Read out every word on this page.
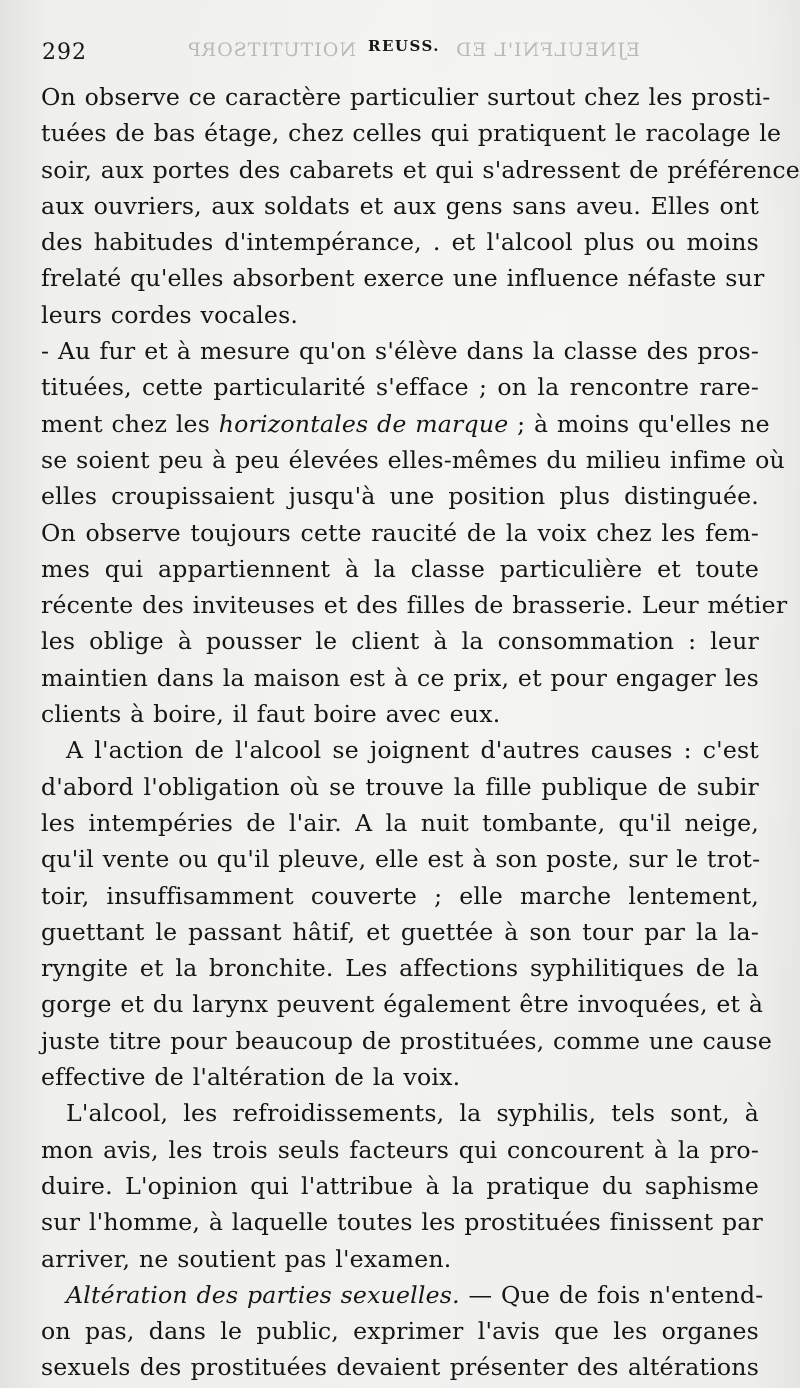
292	NOITUTITSORP REUSS. EJNEULFNI'L ED
On observe ce caractère particulier surtout chez les prosti-
tuées de bas étage, chez celles qui pratiquent le racolage le
soir, aux portes des cabarets et qui s'adressent de préférence
aux ouvriers, aux soldats et aux gens sans aveu. Elles ont
des habitudes d'intempérance, . et l'alcool plus ou moins
frelaté qu'elles absorbent exerce une influence néfaste sur
leurs cordes vocales.
- Au fur et à mesure qu'on s'élève dans la classe des pros-
tituées, cette particularité s'efface ; on la rencontre rare-
ment chez les horizontales de marque ; à moins qu'elles ne
se soient peu à peu élevées elles-mêmes du milieu infime où
elles croupissaient jusqu'à une position plus distinguée.
On observe toujours cette raucité de la voix chez les fem-
mes qui appartiennent à la classe particulière et toute
récente des inviteuses et des filles de brasserie. Leur métier
les oblige à pousser le client à la consommation : leur
maintien dans la maison est à ce prix, et pour engager les
clients à boire, il faut boire avec eux.
A l'action de l'alcool se joignent d'autres causes : c'est
d'abord l'obligation où se trouve la fille publique de subir
les intempéries de l'air. A la nuit tombante, qu'il neige,
qu'il vente ou qu'il pleuve, elle est à son poste, sur le trot-
toir, insuffisamment couverte ; elle marche lentement,
guettant le passant hâtif, et guettée à son tour par la la-
ryngite et la bronchite. Les affections syphilitiques de la
gorge et du larynx peuvent également être invoquées, et à
juste titre pour beaucoup de prostituées, comme une cause
effective de l'altération de la voix.
L'alcool, les refroidissements, la syphilis, tels sont, à
mon avis, les trois seuls facteurs qui concourent à la pro-
duire. L'opinion qui l'attribue à la pratique du saphisme
sur l'homme, à laquelle toutes les prostituées finissent par
arriver, ne soutient pas l'examen.
Altération des parties sexuelles. — Que de fois n'entend-
on pas, dans le public, exprimer l'avis que les organes
sexuels des prostituées devaient présenter des altérations
